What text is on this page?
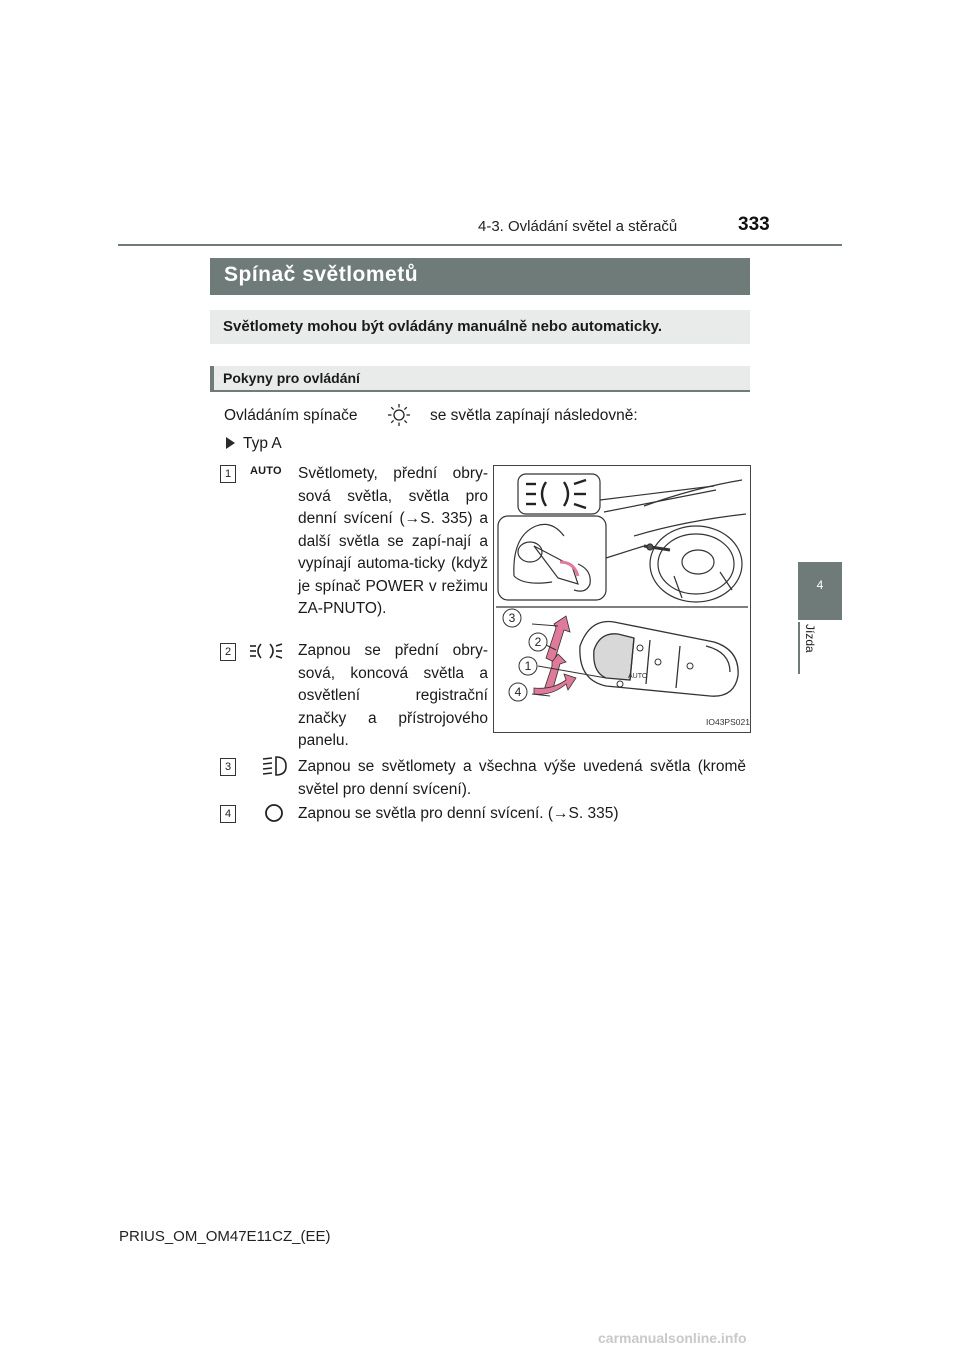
4-3. Ovládání světel a stěračů	333
4
Jízda
Spínač světlometů
Světlomety mohou být ovládány manuálně nebo automaticky.
Pokyny pro ovládání
Ovládáním spínače	se světla zapínají následovně:
Typ A
1	AUTO Světlomety, přední obry-sová světla, světla pro denní svícení (→S. 335) a další světla se zapí-nají a vypínají automa-ticky (když je spínač POWER v režimu ZA-PNUTO).
2	Zapnou se přední obry-sová, koncová světla a osvětlení registrační značky a přístrojového panelu.
3	Zapnou se světlomety a všechna výše uvedená světla (kromě světel pro denní svícení).
4	Zapnou se světla pro denní svícení. (→S. 335)
AUTO
3
2
1
4
IO43PS021
PRIUS_OM_OM47E11CZ_(EE)
carmanualsonline.info
